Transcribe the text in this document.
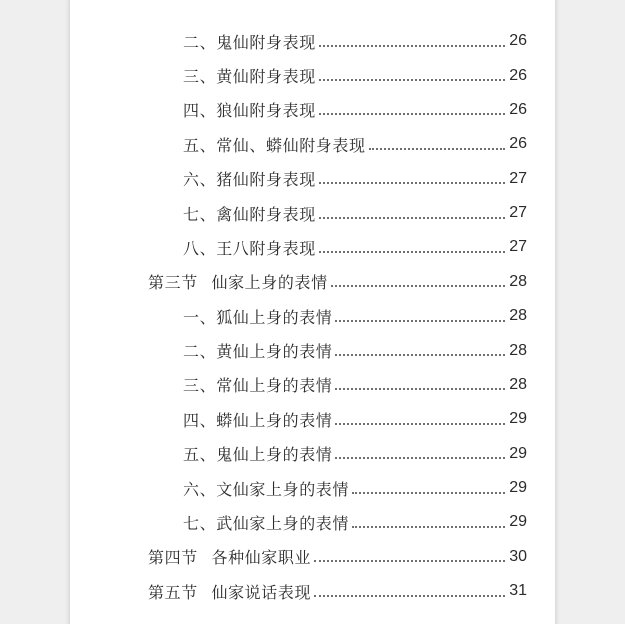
二、鬼仙附身表现	26
三、黄仙附身表现	26
四、狼仙附身表现	26
五、常仙、蟒仙附身表现	26
六、猪仙附身表现	27
七、禽仙附身表现	27
八、王八附身表现	27
第三节 仙家上身的表情	28
一、狐仙上身的表情	28
二、黄仙上身的表情	28
三、常仙上身的表情	28
四、蟒仙上身的表情	29
五、鬼仙上身的表情	29
六、文仙家上身的表情	29
七、武仙家上身的表情	29
第四节 各种仙家职业	30
第五节 仙家说话表现	31
